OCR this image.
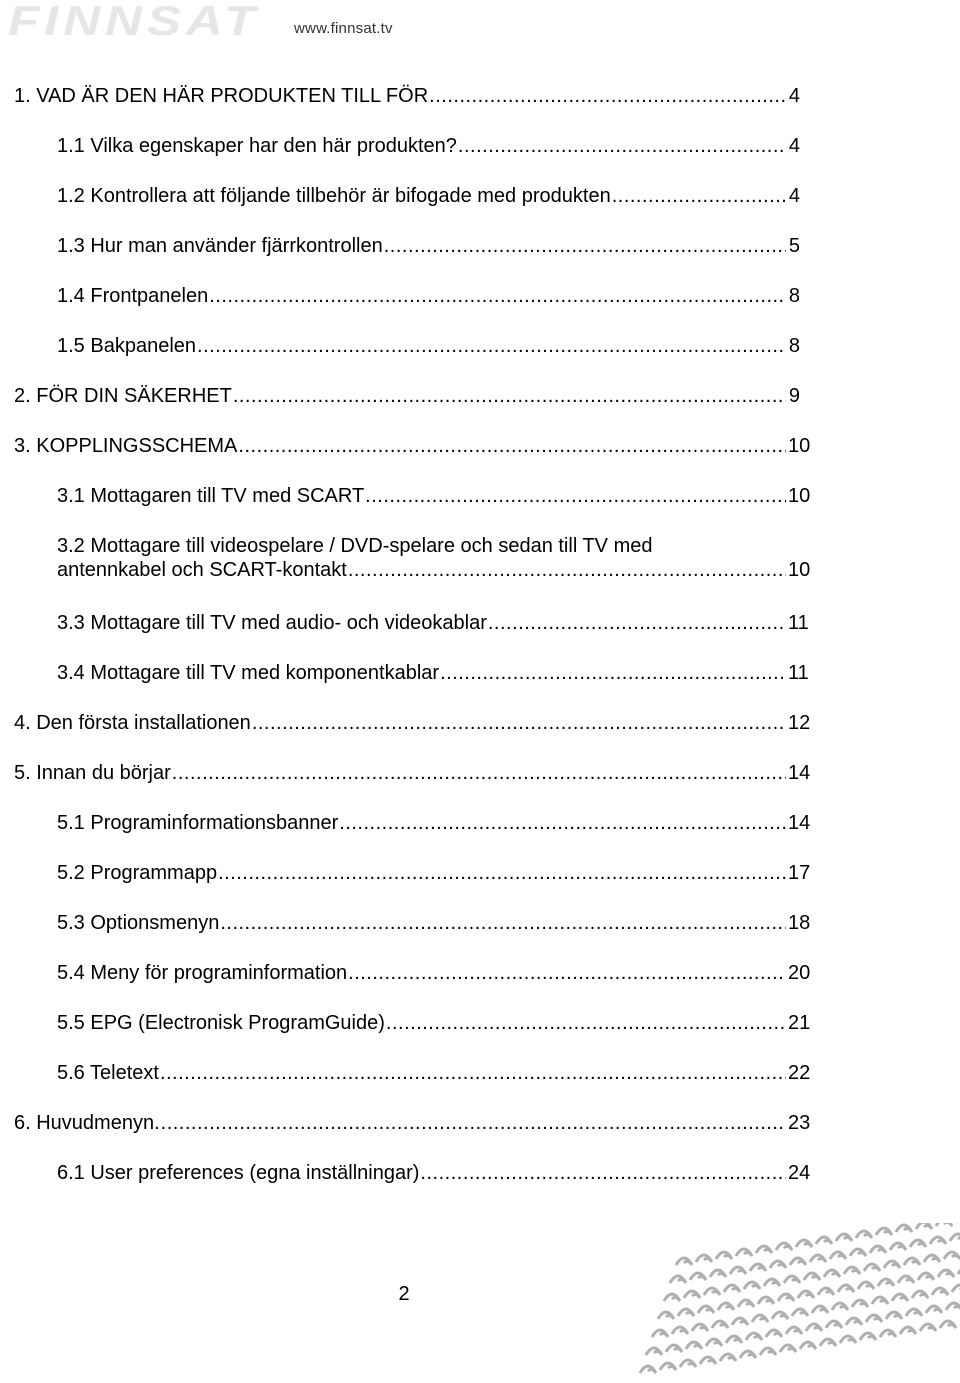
FINNSAT www.finnsat.tv
1. VAD ÄR DEN HÄR PRODUKTEN TILL FÖR .....	4
1.1 Vilka egenskaper har den här produkten? .....	4
1.2 Kontrollera att följande tillbehör är bifogade med produkten .....	4
1.3 Hur man använder fjärrkontrollen .....	5
1.4 Frontpanelen .....	8
1.5 Bakpanelen .....	8
2. FÖR DIN SÄKERHET .....	9
3. KOPPLINGSSCHEMA .....	10
3.1 Mottagaren till TV med SCART .....	10
3.2 Mottagare till videospelare / DVD-spelare och sedan till TV med
antennkabel och SCART-kontakt .....	10
3.3 Mottagare till TV med audio- och videokablar .....	11
3.4 Mottagare till TV med komponentkablar .....	11
4. Den första installationen .....	12
5. Innan du börjar .....	14
5.1 Programinformationsbanner .....	14
5.2 Programmapp .....	17
5.3 Optionsmenyn .....	18
5.4 Meny för programinformation .....	20
5.5 EPG (Electronisk ProgramGuide) .....	21
5.6 Teletext .....	22
6. Huvudmenyn. .....	23
6.1 User preferences (egna inställningar) .....	24
2
